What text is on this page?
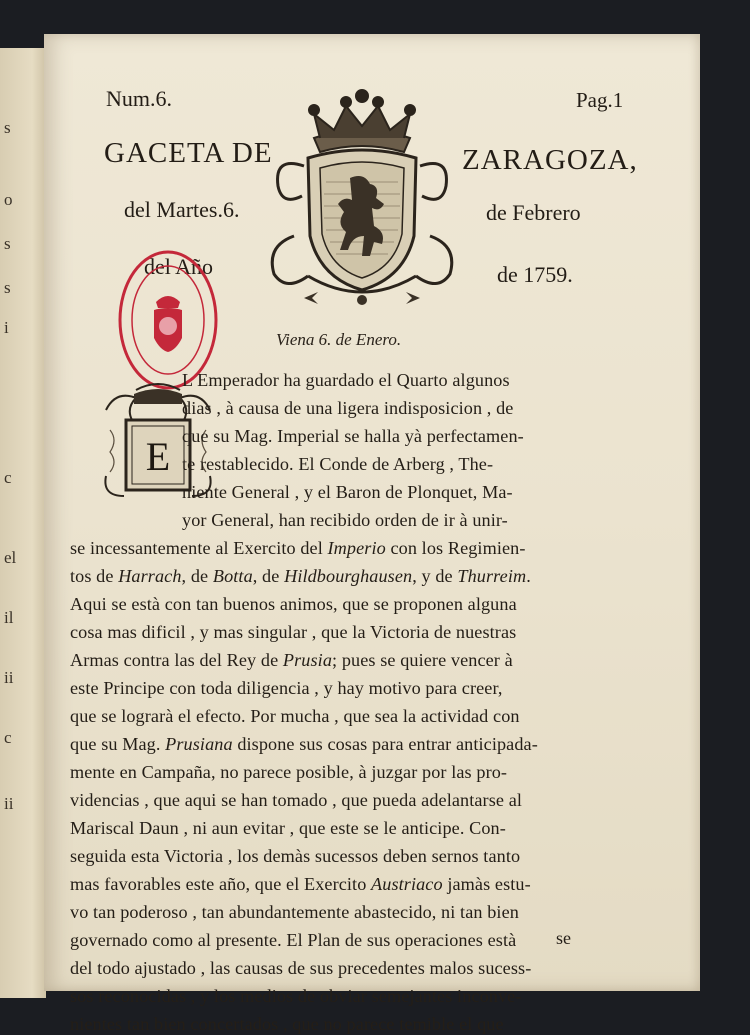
s
o
s
s
i
c
el
il
ii
c
ii
Num.6.	Pag.1
GACETA DE	ZARAGOZA,
del Martes.6.	de Febrero
del Año	de 1759.
Viena 6. de Enero.
E
L Emperador ha guardado el Quarto algunos
dias , à causa de una ligera indisposicion , de
que su Mag. Imperial se halla yà perfectamen-
te restablecido. El Conde de Arberg , The-
niente General , y el Baron de Plonquet, Ma-
yor General, han recibido orden de ir à unir-
se incessantemente al Exercito del Imperio con los Regimien-
tos de Harrach, de Botta, de Hildbourghausen, y de Thurreim.
Aqui se està con tan buenos animos, que se proponen alguna
cosa mas dificil , y mas singular , que la Victoria de nuestras
Armas contra las del Rey de Prusia; pues se quiere vencer à
este Principe con toda diligencia , y hay motivo para creer,
que se lograrà el efecto. Por mucha , que sea la actividad con
que su Mag. Prusiana dispone sus cosas para entrar anticipada-
mente en Campaña, no parece posible, à juzgar por las pro-
videncias , que aqui se han tomado , que pueda adelantarse al
Mariscal Daun , ni aun evitar , que este se le anticipe. Con-
seguida esta Victoria , los demàs sucessos deben sernos tanto
mas favorables este año, que el Exercito Austriaco jamàs estu-
vo tan poderoso , tan abundantemente abastecido, ni tan bien
governado como al presente. El Plan de sus operaciones està
del todo ajustado , las causas de sus precedentes malos sucess-
sos reconocidas , y los medios de obviar semejantes inconve-
nientes tan bien concertados , que no parece temible el que
se
